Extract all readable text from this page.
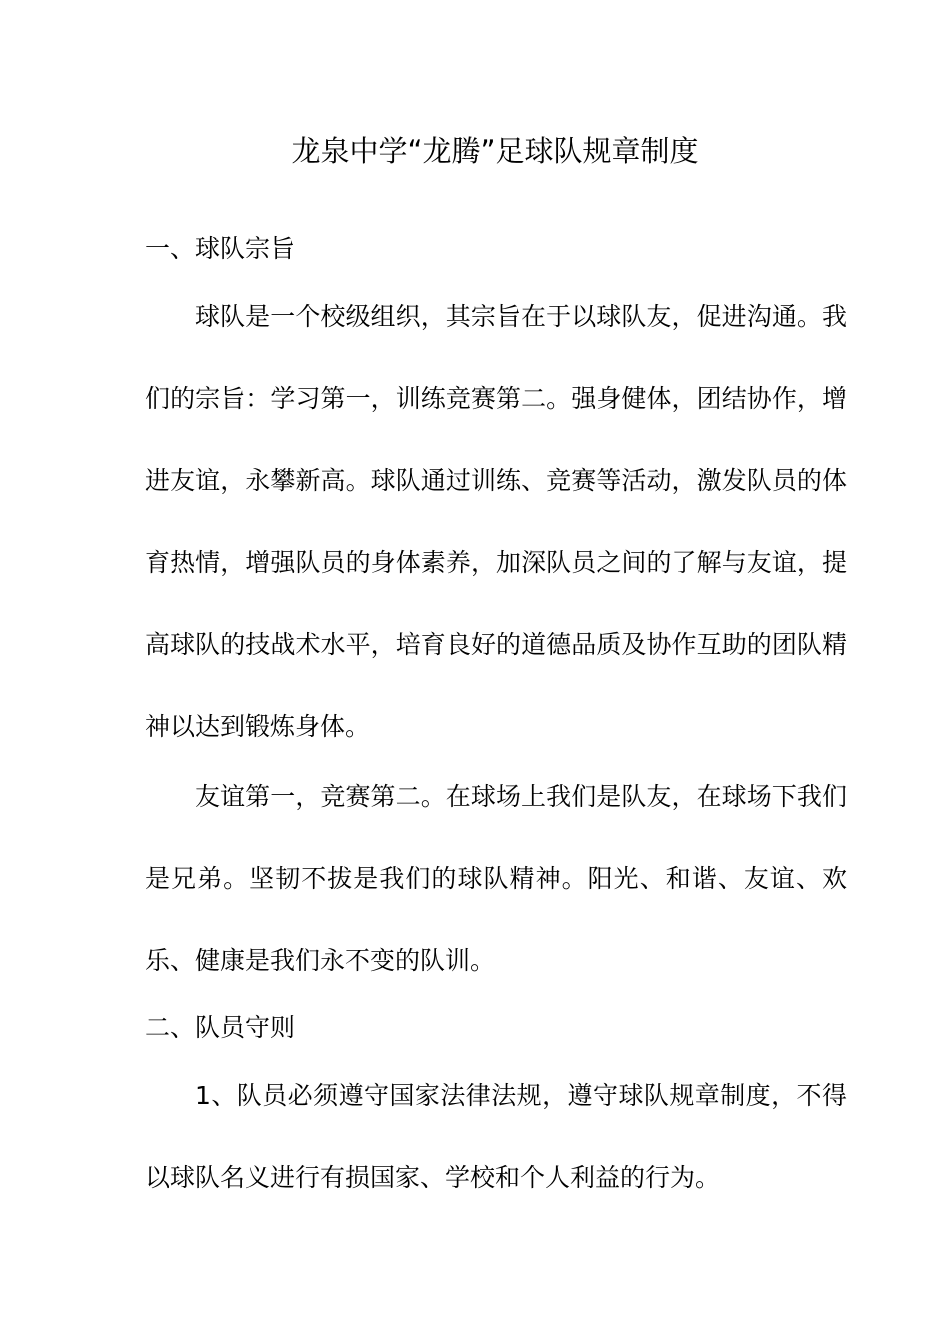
龙泉中学“龙腾”足球队规章制度
一、球队宗旨

球队是一个校级组织，其宗旨在于以球队友，促进沟通。我们的宗旨：学习第一，训练竞赛第二。强身健体，团结协作，增进友谊，永攀新高。球队通过训练、竞赛等活动，激发队员的体育热情，增强队员的身体素养，加深队员之间的了解与友谊，提高球队的技战术水平，培育良好的道德品质及协作互助的团队精神以达到锻炼身体。

友谊第一，竞赛第二。在球场上我们是队友，在球场下我们是兄弟。坚韧不拔是我们的球队精神。阳光、和谐、友谊、欢乐、健康是我们永不变的队训。

二、队员守则

1、队员必须遵守国家法律法规，遵守球队规章制度，不得以球队名义进行有损国家、学校和个人利益的行为。
